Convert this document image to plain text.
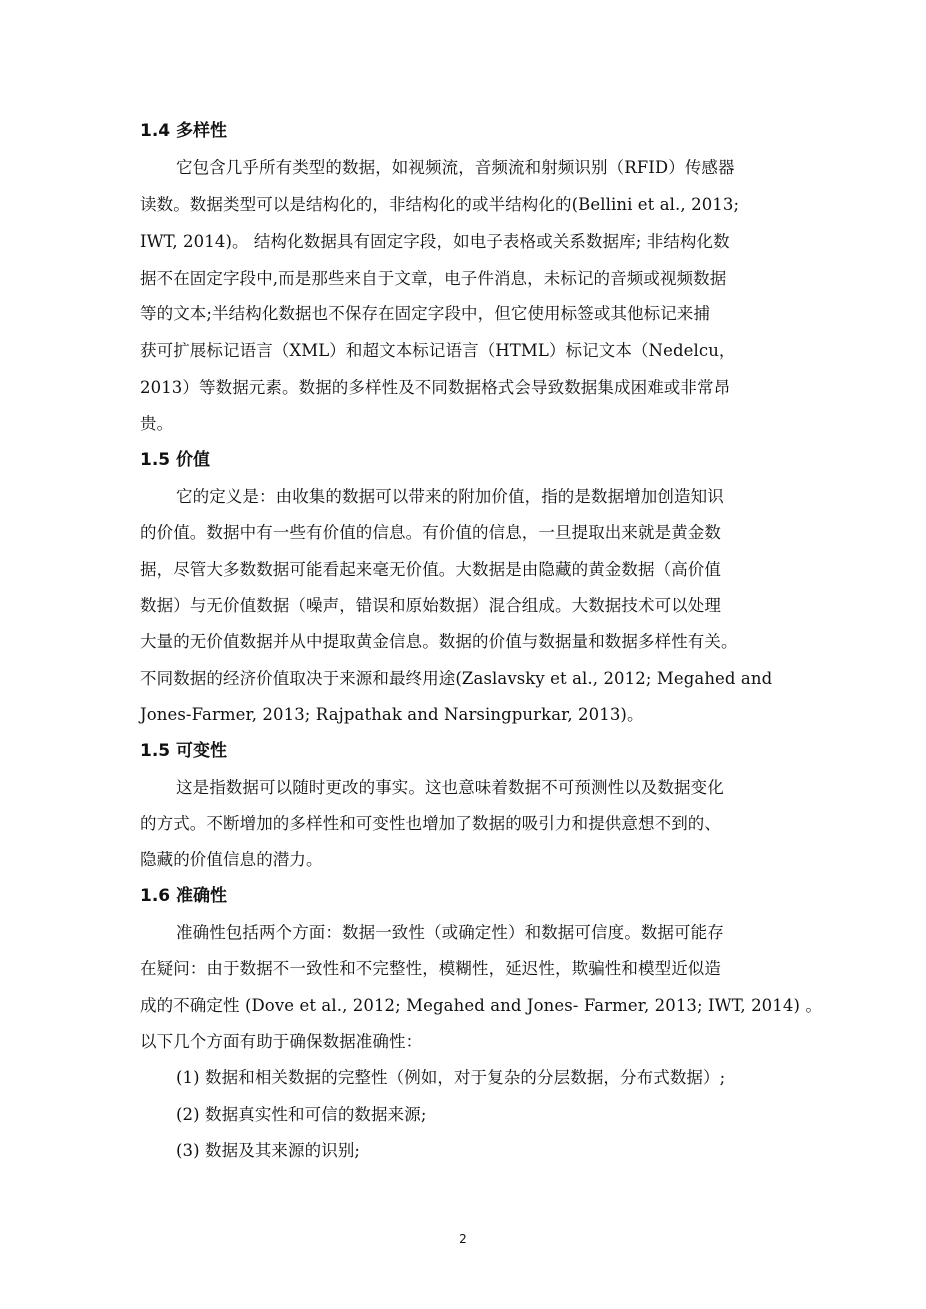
1.4 多样性
它包含几乎所有类型的数据，如视频流，音频流和射频识别（RFID）传感器
读数。数据类型可以是结构化的，非结构化的或半结构化的(Bellini et al., 2013;
IWT, 2014)。 结构化数据具有固定字段，如电子表格或关系数据库; 非结构化数
据不在固定字段中,而是那些来自于文章，电子件消息，未标记的音频或视频数据
等的文本;半结构化数据也不保存在固定字段中，但它使用标签或其他标记来捕
获可扩展标记语言（XML）和超文本标记语言（HTML）标记文本（Nedelcu，
2013）等数据元素。数据的多样性及不同数据格式会导致数据集成困难或非常昂
贵。
1.5 价值
它的定义是：由收集的数据可以带来的附加价值，指的是数据增加创造知识
的价值。数据中有一些有价值的信息。有价值的信息，一旦提取出来就是黄金数
据，尽管大多数数据可能看起来毫无价值。大数据是由隐藏的黄金数据（高价值
数据）与无价值数据（噪声，错误和原始数据）混合组成。大数据技术可以处理
大量的无价值数据并从中提取黄金信息。数据的价值与数据量和数据多样性有关。
不同数据的经济价值取决于来源和最终用途(Zaslavsky et al., 2012; Megahed and
Jones-Farmer, 2013; Rajpathak and Narsingpurkar, 2013)。
1.5 可变性
这是指数据可以随时更改的事实。这也意味着数据不可预测性以及数据变化
的方式。不断增加的多样性和可变性也增加了数据的吸引力和提供意想不到的、
隐藏的价值信息的潜力。
1.6 准确性
准确性包括两个方面：数据一致性（或确定性）和数据可信度。数据可能存
在疑问：由于数据不一致性和不完整性，模糊性，延迟性，欺骗性和模型近似造
成的不确定性 (Dove et al., 2012; Megahed and Jones- Farmer, 2013; IWT, 2014) 。
以下几个方面有助于确保数据准确性：
(1) 数据和相关数据的完整性（例如，对于复杂的分层数据，分布式数据）;
(2) 数据真实性和可信的数据来源;
(3) 数据及其来源的识别;
2
